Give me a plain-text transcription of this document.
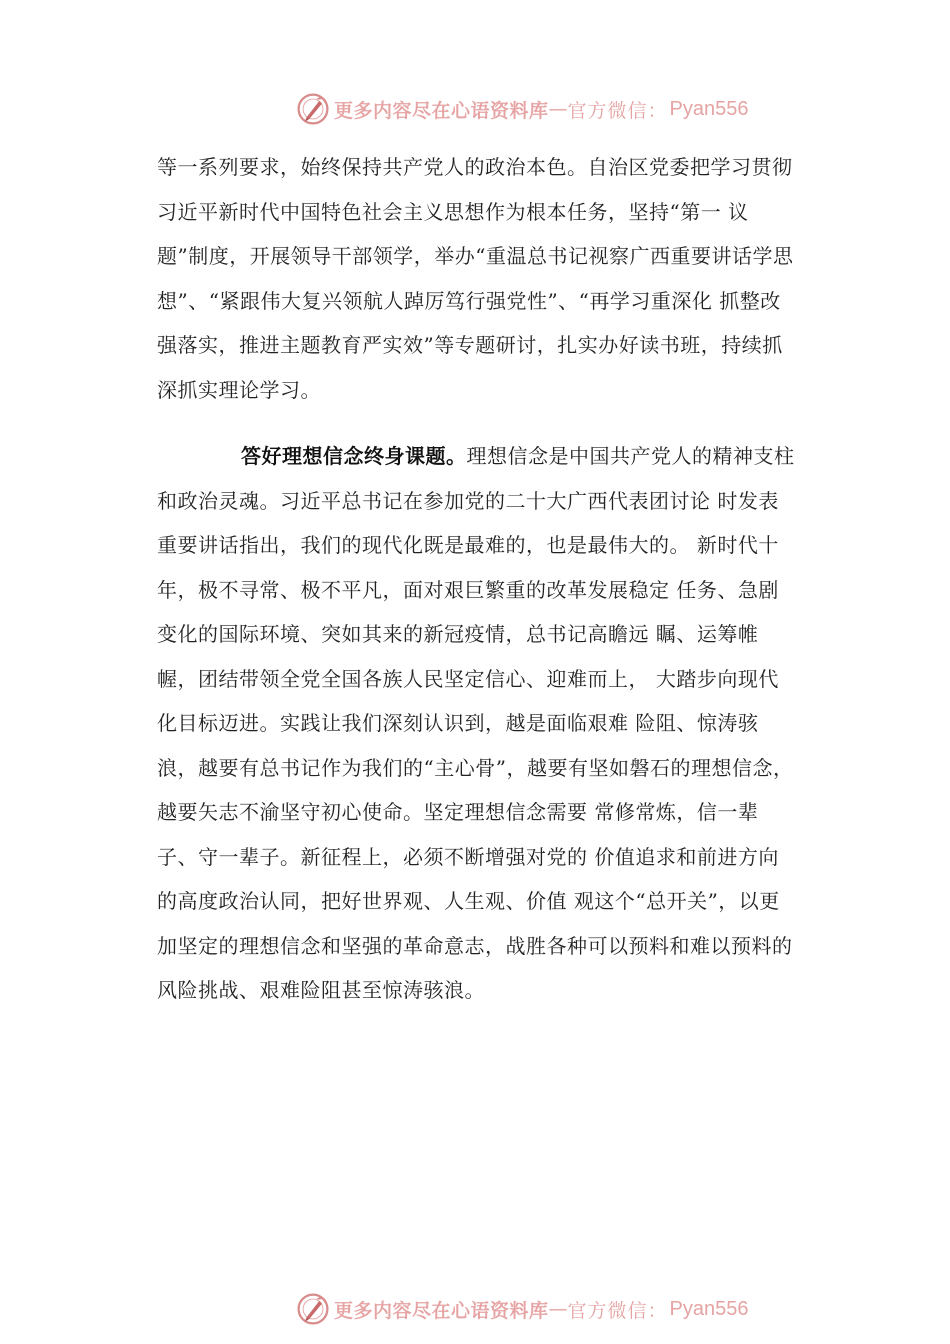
更多内容尽在心语资料库 — 官方微信： Pyan556

等一系列要求，始终保持共产党人的政治本色。自治区党委把学习贯彻习近平新时代中国特色社会主义思想作为根本任务，坚持“第一 议题”制度，开展领导干部领学，举办“重温总书记视察广西重要讲话学思想”、“紧跟伟大复兴领航人踔厉笃行强党性”、“再学习重深化 抓整改强落实，推进主题教育严实效”等专题研讨，扎实办好读书班，持续抓深抓实理论学习。

答好理想信念终身课题。理想信念是中国共产党人的精神支柱和政治灵魂。习近平总书记在参加党的二十大广西代表团讨论 时发表重要讲话指出，我们的现代化既是最难的，也是最伟大的。 新时代十年，极不寻常、极不平凡，面对艰巨繁重的改革发展稳定 任务、急剧变化的国际环境、突如其来的新冠疫情，总书记高瞻远 瞩、运筹帷幄，团结带领全党全国各族人民坚定信心、迎难而上， 大踏步向现代化目标迈进。实践让我们深刻认识到，越是面临艰难 险阻、惊涛骇浪，越要有总书记作为我们的“主心骨”，越要有坚如磐石的理想信念，越要矢志不渝坚守初心使命。坚定理想信念需要 常修常炼，信一辈子、守一辈子。新征程上，必须不断增强对党的 价值追求和前进方向的高度政治认同，把好世界观、人生观、价值 观这个“总开关”，以更加坚定的理想信念和坚强的革命意志，战胜各种可以预料和难以预料的风险挑战、艰难险阻甚至惊涛骇浪。

更多内容尽在心语资料库 — 官方微信： Pyan556
